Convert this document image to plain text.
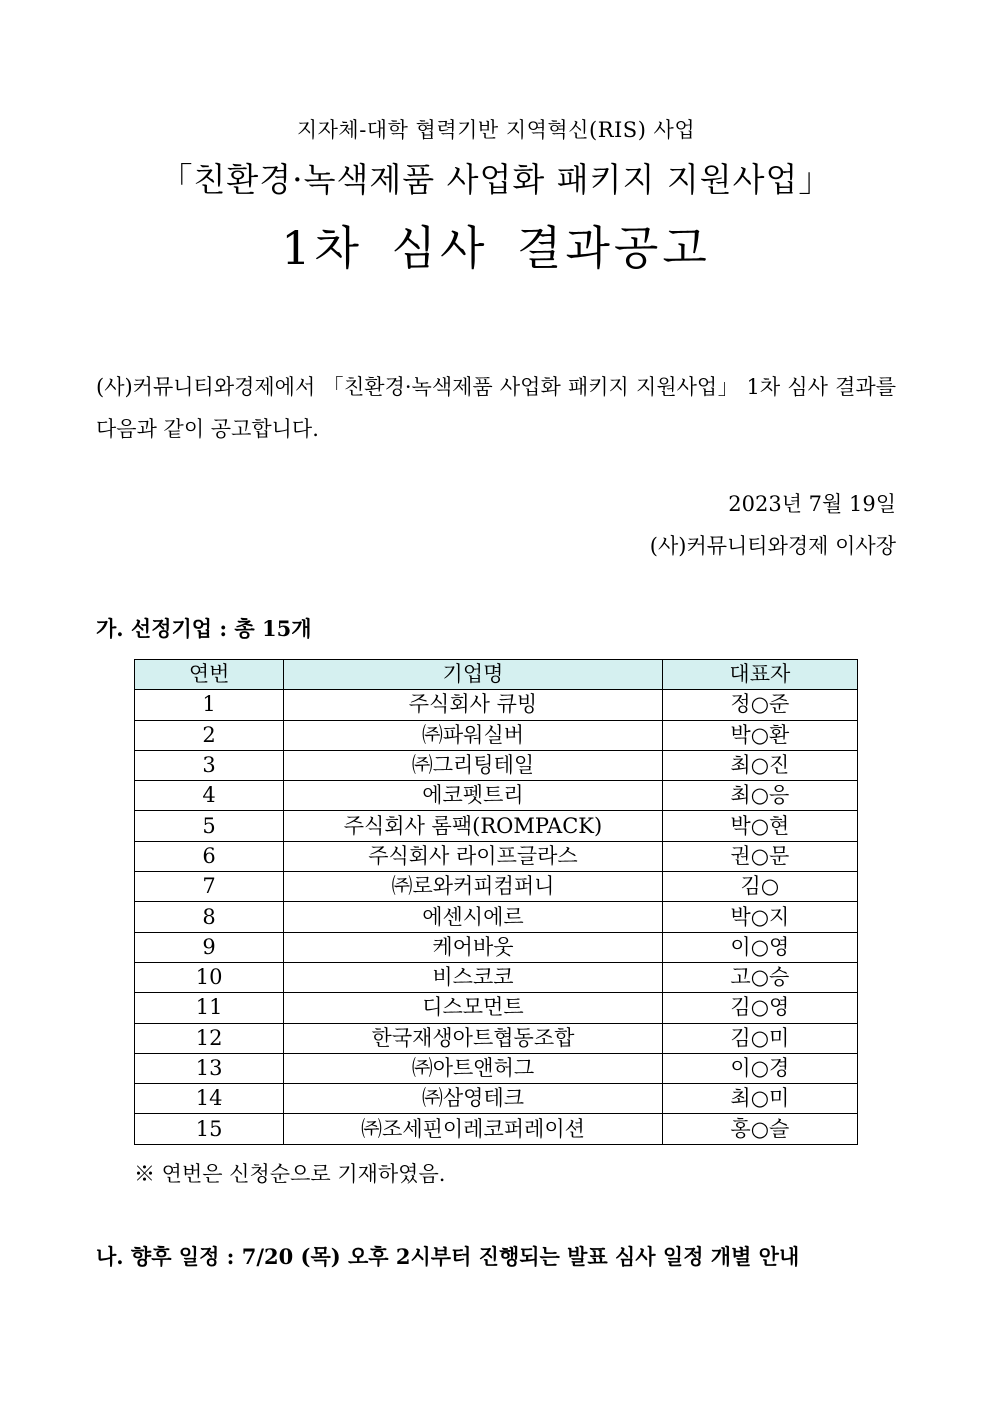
지자체-대학 협력기반 지역혁신(RIS) 사업
「친환경·녹색제품 사업화 패키지 지원사업」
1차 심사 결과공고
(사)커뮤니티와경제에서 「친환경·녹색제품 사업화 패키지 지원사업」 1차 심사 결과를 다음과 같이 공고합니다.
2023년 7월 19일
(사)커뮤니티와경제 이사장
가. 선정기업 : 총 15개
연번	기업명	대표자
1	주식회사 큐빙	정○준
2	㈜파워실버	박○환
3	㈜그리팅테일	최○진
4	에코펫트리	최○응
5	주식회사 롬팩(ROMPACK)	박○현
6	주식회사 라이프글라스	권○문
7	㈜로와커피컴퍼니	김○
8	에센시에르	박○지
9	케어바웃	이○영
10	비스코코	고○승
11	디스모먼트	김○영
12	한국재생아트협동조합	김○미
13	㈜아트앤허그	이○경
14	㈜삼영테크	최○미
15	㈜조세핀이레코퍼레이션	홍○슬
※ 연번은 신청순으로 기재하였음.
나. 향후 일정 : 7/20 (목) 오후 2시부터 진행되는 발표 심사 일정 개별 안내
